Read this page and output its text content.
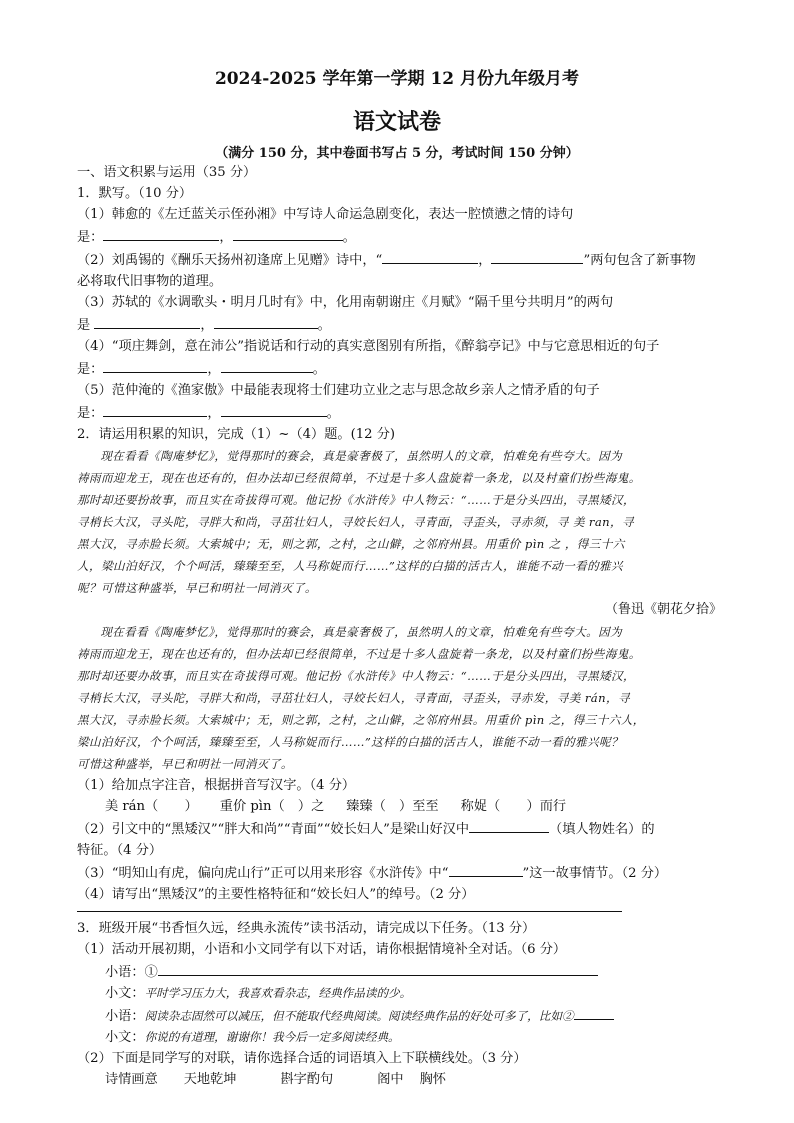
2024-2025 学年第一学期 12 月份九年级月考
语文试卷
（满分 150 分，其中卷面书写占 5 分，考试时间 150 分钟）
一、语文积累与运用（35 分）
1．默写。（10 分）
（1）韩愈的《左迁蓝关示侄孙湘》中写诗人命运急剧变化，表达一腔愤懑之情的诗句
是：	，	。
（2）刘禹锡的《酬乐天扬州初逢席上见赠》诗中，“	，	”两句包含了新事物
必将取代旧事物的道理。
（3）苏轼的《水调歌头・明月几时有》中，化用南朝谢庄《月赋》“隔千里兮共明月”的两句
是	，	。
（4）“项庄舞剑，意在沛公”指说话和行动的真实意图别有所指，《醉翁亭记》中与它意思相近的句子
是：	，	。
（5）范仲淹的《渔家傲》中最能表现将士们建功立业之志与思念故乡亲人之情矛盾的句子
是：	，	。
2．请运用积累的知识，完成（1）~（4）题。(12 分)
现在看看《陶庵梦忆》，觉得那时的赛会，真是豪奢极了，虽然明人的文章，怕难免有些夸大。因为
祷雨而迎龙王，现在也还有的，但办法却已经很简单，不过是十多人盘旋着一条龙，以及村童们扮些海鬼。
那时却还要扮故事，而且实在奇拔得可观。他记扮《水浒传》中人物云：“……于是分头四出，寻黑矮汉，
寻梢长大汉，寻头陀，寻胖大和尚，寻茁壮妇人，寻姣长妇人，寻青面，寻歪头，寻赤须，寻 美 ran，寻
黑大汉，寻赤脸长须。大索城中；无，则之郭，之村，之山僻，之邻府州县。用重价 pìn 之 ，得三十六
人，梁山泊好汉，个个呵活，臻臻至至，人马称娖而行……”这样的白描的活古人，谁能不动一看的雅兴
呢？可惜这种盛举，早已和明社一同消灭了。
（鲁迅《朝花夕拾》
现在看看《陶庵梦忆》，觉得那时的赛会，真是豪奢极了，虽然明人的文章，怕难免有些夸大。因为
祷雨而迎龙王，现在也还有的，但办法却已经很简单，不过是十多人盘旋着一条龙，以及村童们扮些海鬼。
那时却还要办故事，而且实在奇拔得可观。他记扮《水浒传》中人物云：“……于是分头四出，寻黑矮汉，
寻梢长大汉，寻头陀，寻胖大和尚，寻茁壮妇人，寻姣长妇人，寻青面，寻歪头，寻赤发，寻美 rán，寻
黑大汉，寻赤脸长须。大索城中；无，则之郭，之村，之山僻，之邻府州县。用重价 pìn 之，得三十六人，
梁山泊好汉，个个呵活，臻臻至至，人马称娖而行……”这样的白描的活古人，谁能不动一看的雅兴呢？
可惜这种盛举，早已和明社一同消灭了。
（1）给加点字注音，根据拼音写汉字。（4 分）
美 rán（　　） 重价 pìn（　）之 臻臻（　）至至 称娖（　　）而行
（2）引文中的“黑矮汉”“胖大和尚”“青面”“姣长妇人”是梁山好汉中	（填人物姓名）的
特征。（4 分）
（3）“明知山有虎，偏向虎山行”正可以用来形容《水浒传》中“	”这一故事情节。（2 分）
（4）请写出“黑矮汉”的主要性格特征和“姣长妇人”的绰号。（2 分）
3．班级开展“书香恒久远，经典永流传”读书活动，请完成以下任务。（13 分）
（1）活动开展初期，小语和小文同学有以下对话，请你根据情境补全对话。（6 分）
小语：①
小文：平时学习压力大，我喜欢看杂志，经典作品读的少。
小语：阅读杂志固然可以减压，但不能取代经典阅读。阅读经典作品的好处可多了，比如②
小文：你说的有道理，谢谢你！我今后一定多阅读经典。
（2）下面是同学写的对联，请你选择合适的词语填入上下联横线处。（3 分）
诗情画意 天地乾坤	斟字酌句	阁中 胸怀
